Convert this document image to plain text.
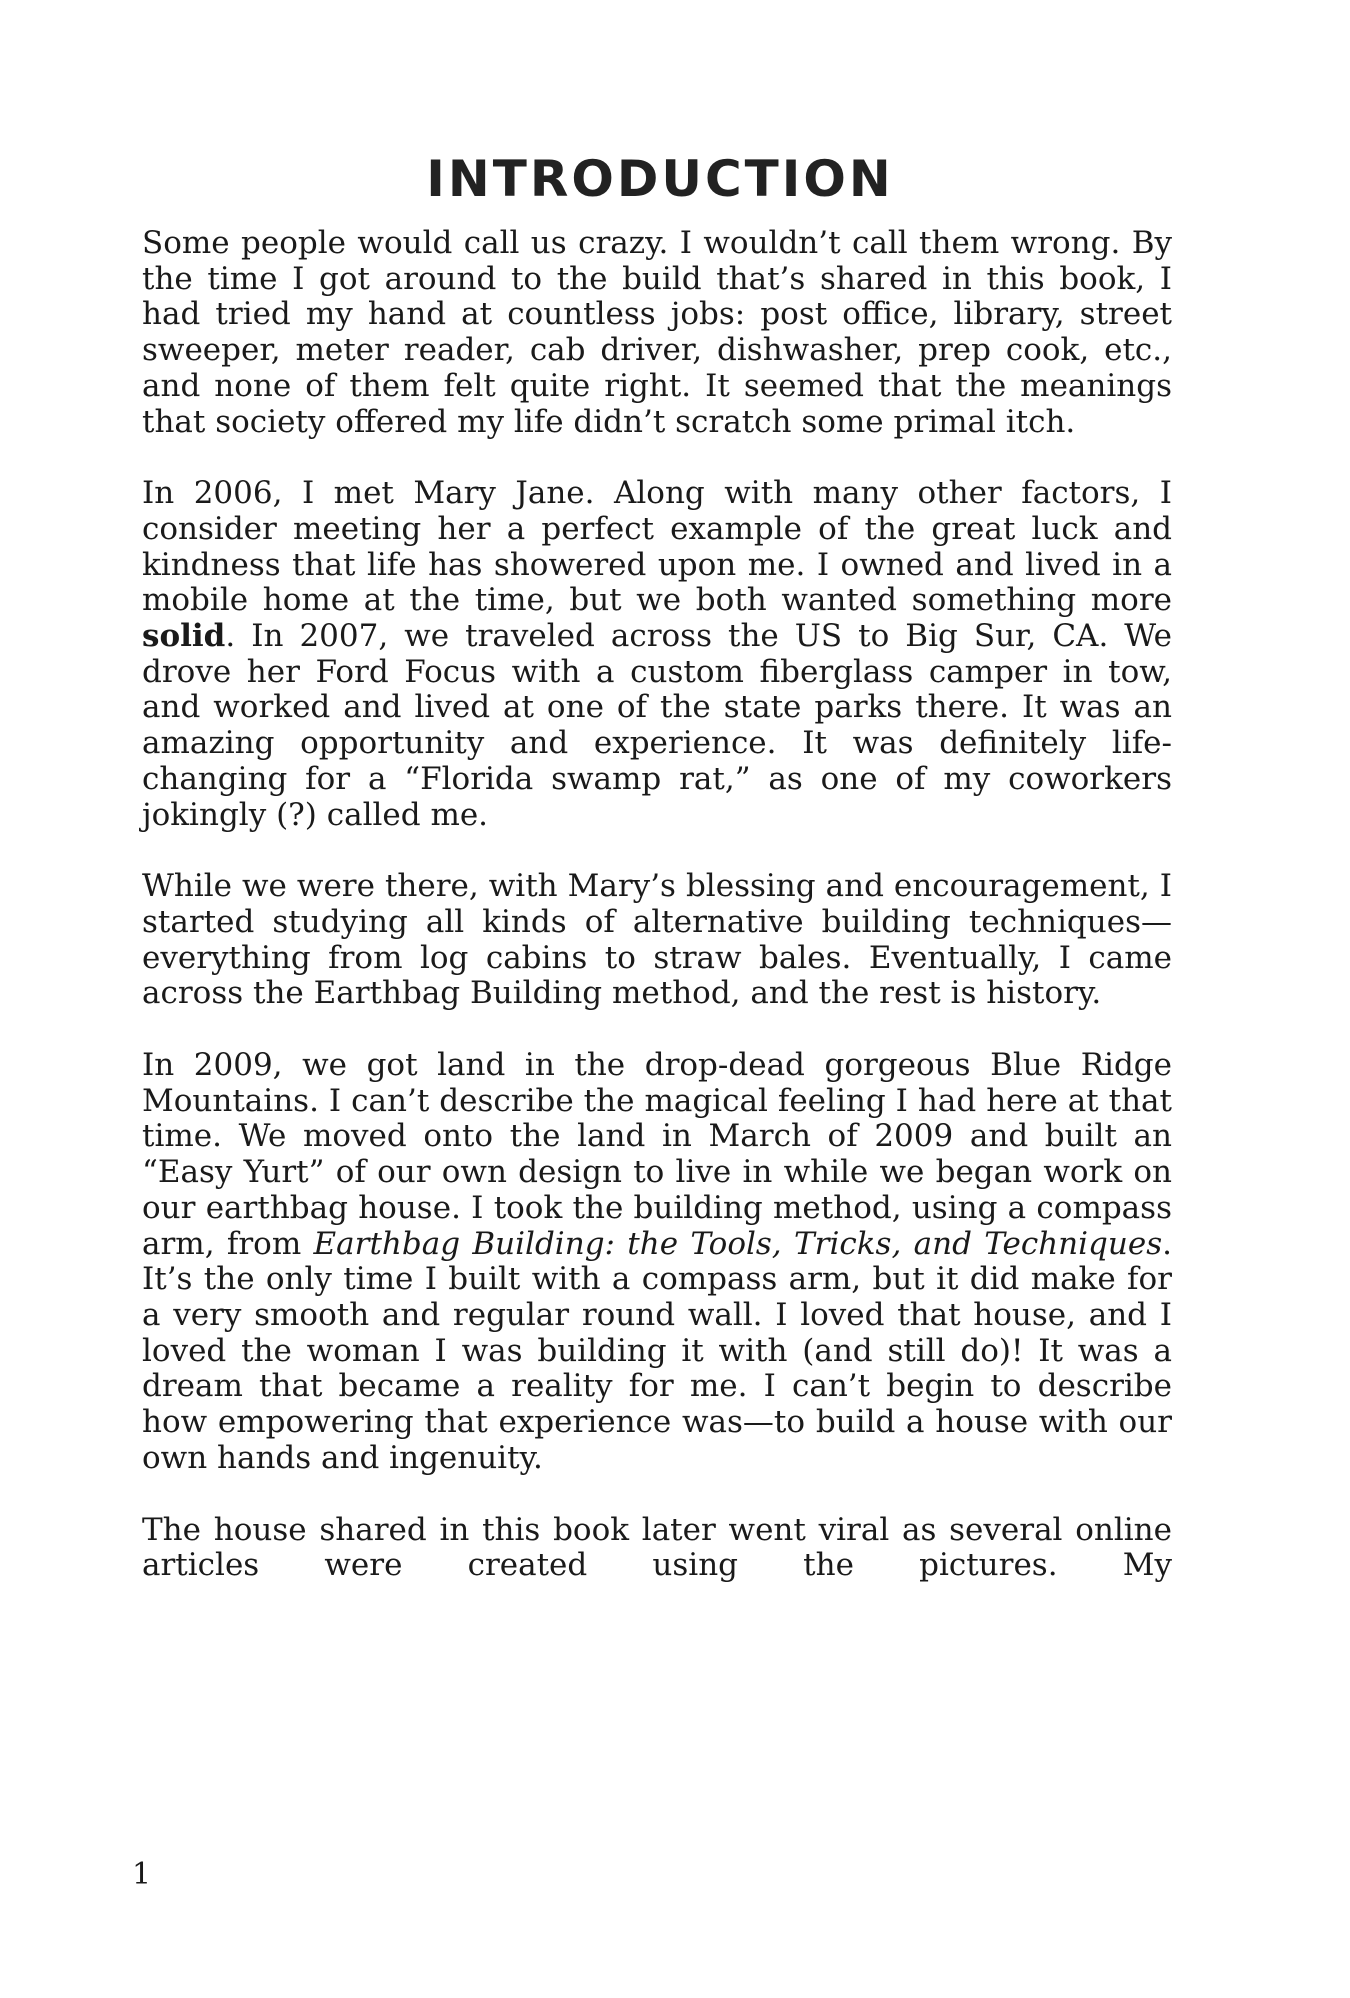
INTRODUCTION

Some people would call us crazy. I wouldn’t call them wrong. By the time I got around to the build that’s shared in this book, I had tried my hand at countless jobs: post office, library, street sweeper, meter reader, cab driver, dishwasher, prep cook, etc., and none of them felt quite right. It seemed that the meanings that society offered my life didn’t scratch some primal itch.

In 2006, I met Mary Jane. Along with many other factors, I consider meeting her a perfect example of the great luck and kindness that life has showered upon me. I owned and lived in a mobile home at the time, but we both wanted something more solid. In 2007, we traveled across the US to Big Sur, CA. We drove her Ford Focus with a custom fiberglass camper in tow, and worked and lived at one of the state parks there. It was an amazing opportunity and experience. It was definitely life-changing for a “Florida swamp rat,” as one of my coworkers jokingly (?) called me.

While we were there, with Mary’s blessing and encouragement, I started studying all kinds of alternative building techniques—everything from log cabins to straw bales. Eventually, I came across the Earthbag Building method, and the rest is history.

In 2009, we got land in the drop-dead gorgeous Blue Ridge Mountains. I can’t describe the magical feeling I had here at that time. We moved onto the land in March of 2009 and built an “Easy Yurt” of our own design to live in while we began work on our earthbag house. I took the building method, using a compass arm, from Earthbag Building: the Tools, Tricks, and Techniques. It’s the only time I built with a compass arm, but it did make for a very smooth and regular round wall. I loved that house, and I loved the woman I was building it with (and still do)! It was a dream that became a reality for me. I can’t begin to describe how empowering that experience was—to build a house with our own hands and ingenuity.

The house shared in this book later went viral as several online articles were created using the pictures. My

1
